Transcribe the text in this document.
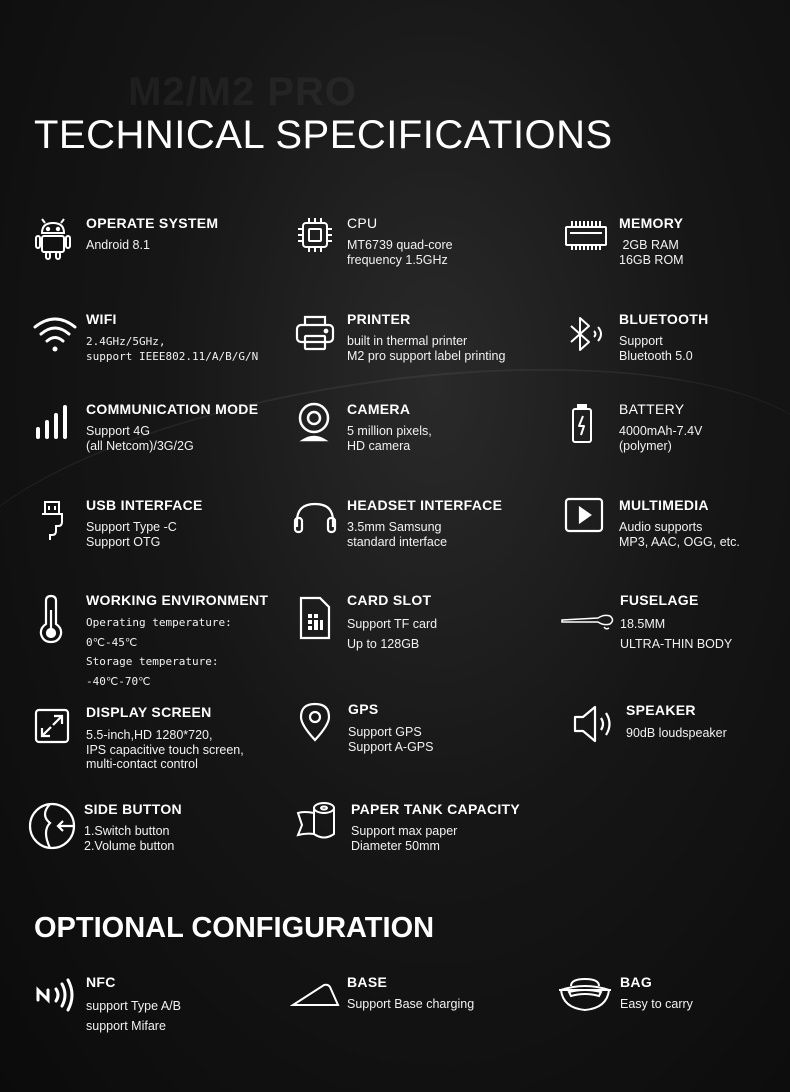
M2/M2 PRO
TECHNICAL SPECIFICATIONS
OPERATE SYSTEM
Android 8.1
CPU
MT6739 quad-core
frequency 1.5GHz
MEMORY
2GB RAM
16GB ROM
WIFI
2.4GHz/5GHz,
support IEEE802.11/A/B/G/N
PRINTER
built in thermal printer
M2 pro support label printing
BLUETOOTH
Support
Bluetooth 5.0
COMMUNICATION MODE
Support 4G
(all Netcom)/3G/2G
CAMERA
5 million pixels,
HD camera
BATTERY
4000mAh-7.4V
(polymer)
USB INTERFACE
Support Type -C
Support OTG
HEADSET INTERFACE
3.5mm Samsung
standard interface
MULTIMEDIA
Audio supports
MP3, AAC, OGG, etc.
WORKING ENVIRONMENT
Operating temperature:
0℃-45℃
Storage temperature:
-40℃-70℃
CARD SLOT
Support TF card
Up to 128GB
FUSELAGE
18.5MM
ULTRA-THIN BODY
DISPLAY SCREEN
5.5-inch,HD 1280*720,
IPS capacitive touch screen,
multi-contact control
GPS
Support GPS
Support A-GPS
SPEAKER
90dB loudspeaker
SIDE BUTTON
1.Switch button
2.Volume button
PAPER TANK CAPACITY
Support max paper
Diameter 50mm
OPTIONAL CONFIGURATION
NFC
support Type A/B
support Mifare
BASE
Support Base charging
BAG
Easy to carry
